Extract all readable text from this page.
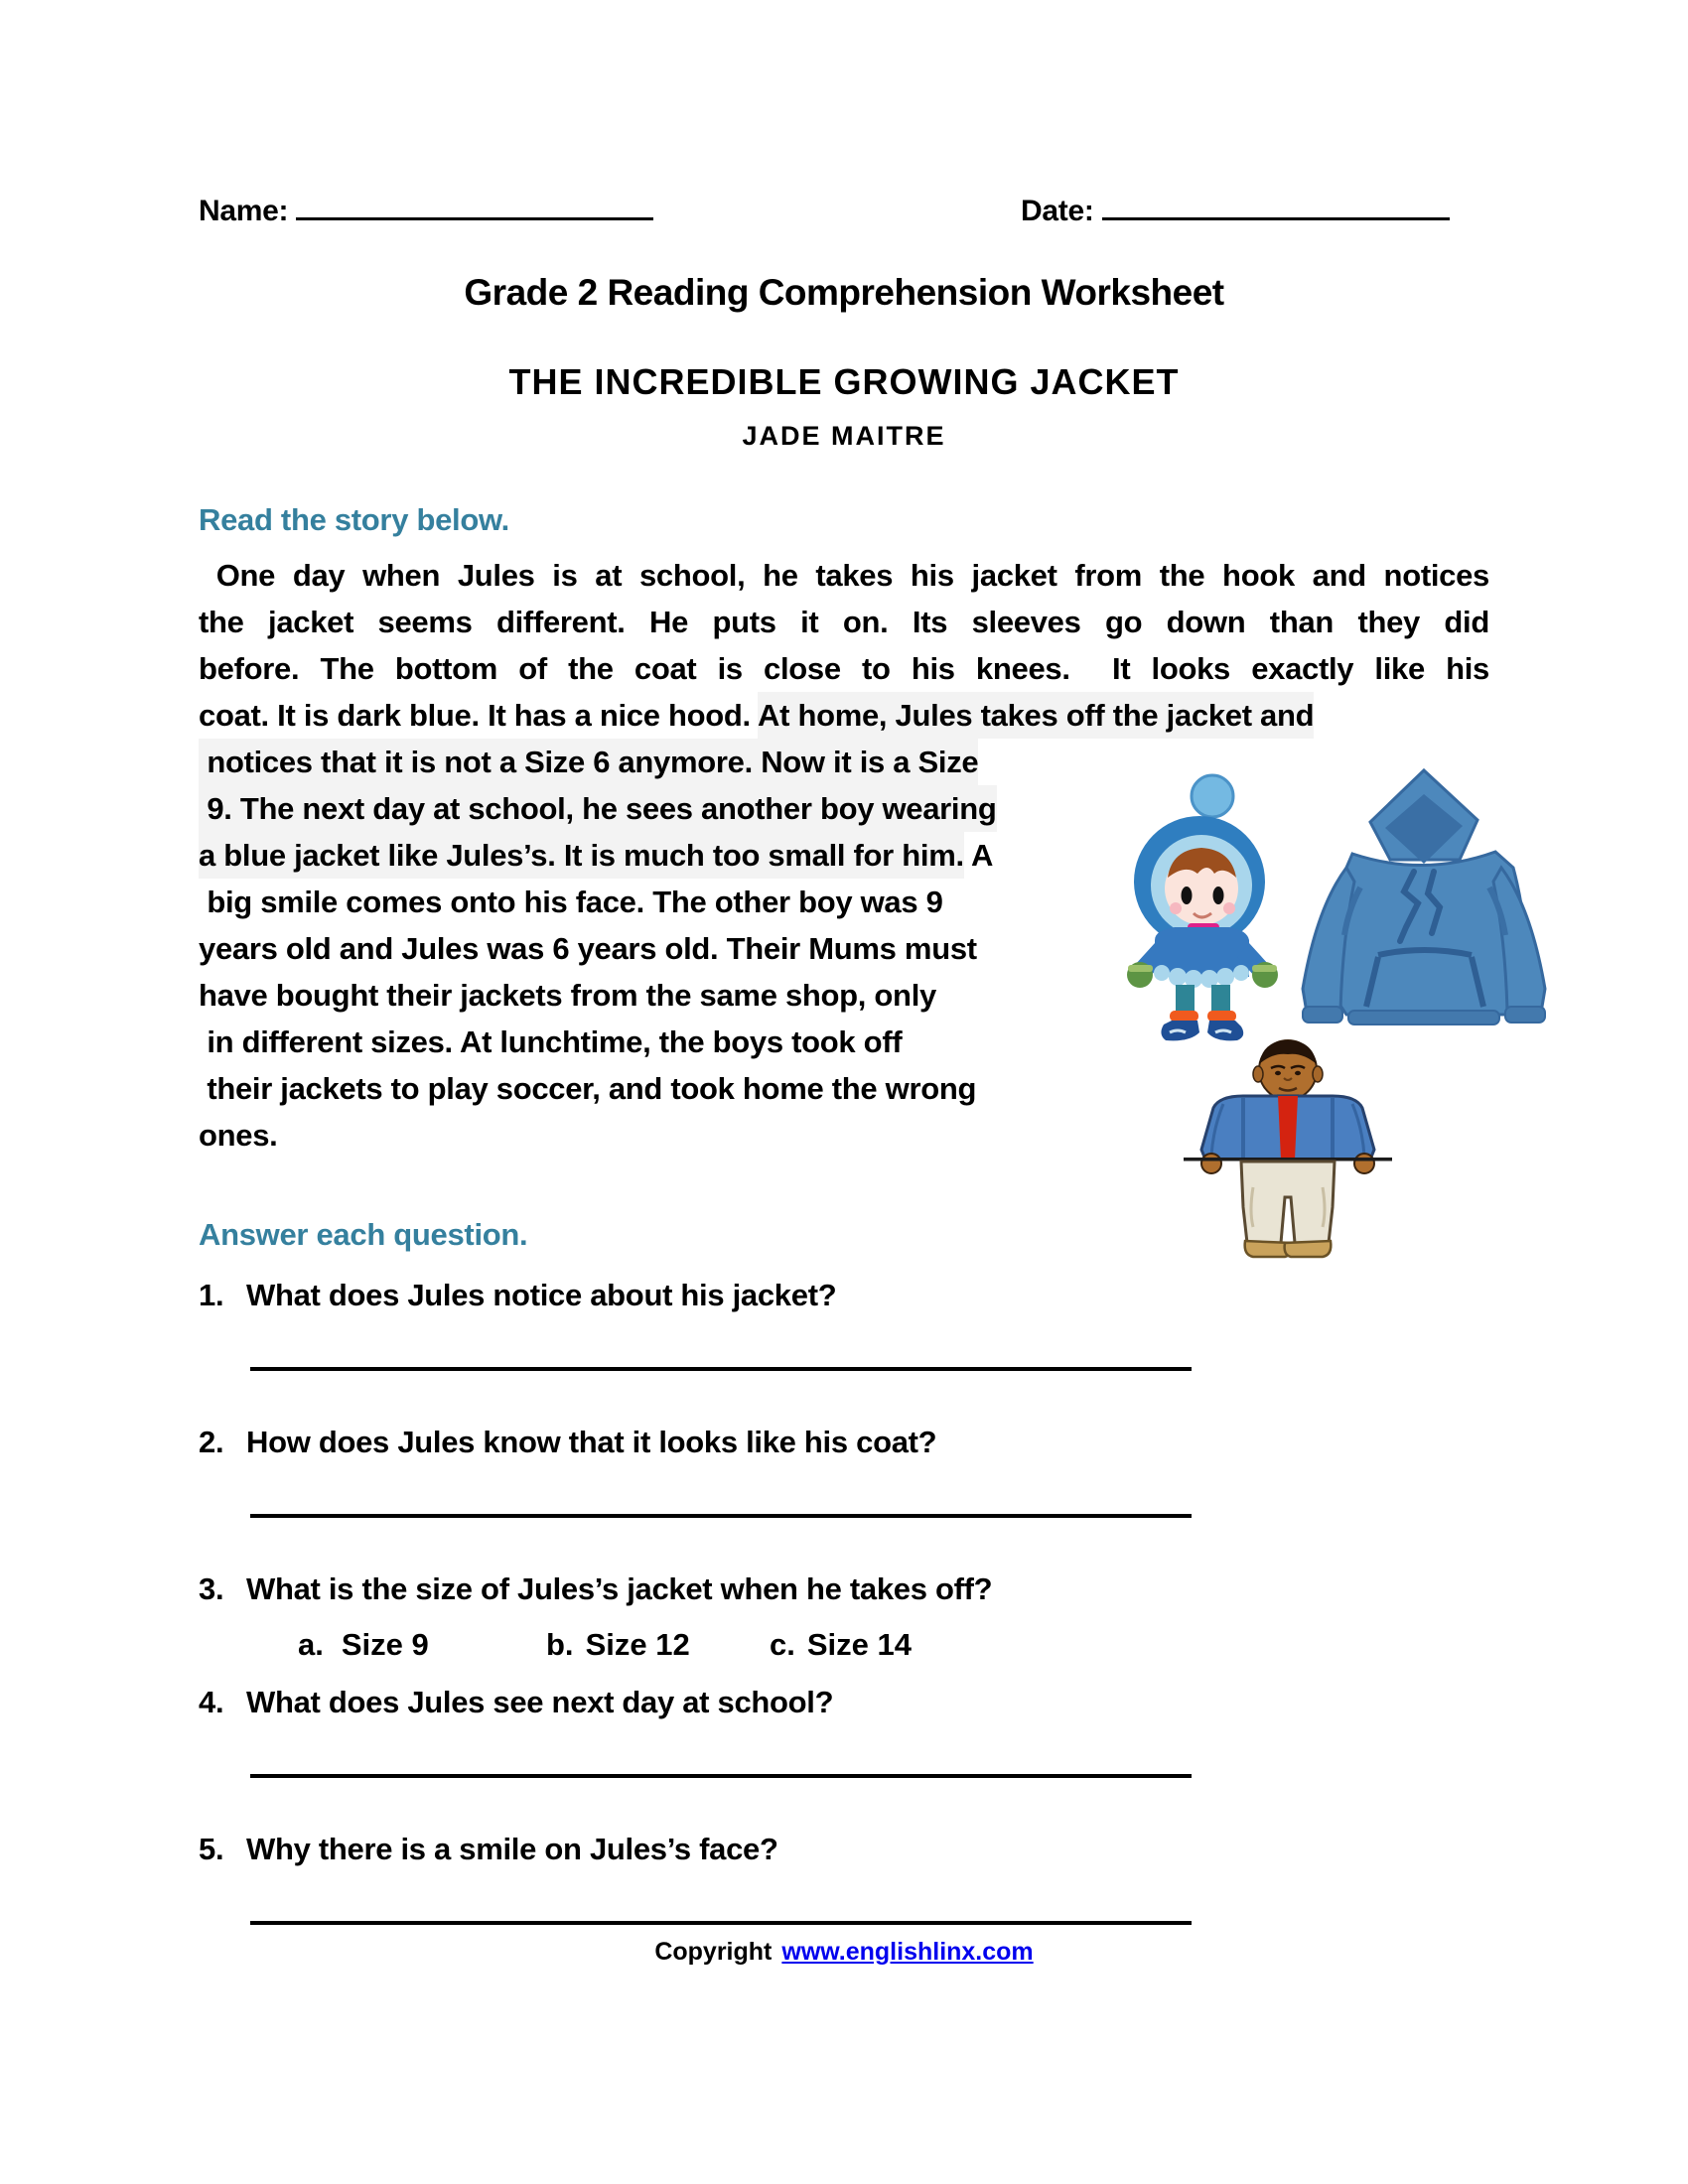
Name:	Date:
Grade 2 Reading Comprehension Worksheet
THE INCREDIBLE GROWING JACKET
JADE MAITRE
Read the story below.
One day when Jules is at school, he takes his jacket from the hook and notices
the jacket seems different. He puts it on. Its sleeves go down than they did
before. The bottom of the coat is close to his knees.  It looks exactly like his
coat. It is dark blue. It has a nice hood. At home, Jules takes off the jacket and
notices that it is not a Size 6 anymore. Now it is a Size
9. The next day at school, he sees another boy wearing
a blue jacket like Jules’s. It is much too small for him. A
big smile comes onto his face. The other boy was 9
years old and Jules was 6 years old. Their Mums must
have bought their jackets from the same shop, only
in different sizes. At lunchtime, the boys took off
their jackets to play soccer, and took home the wrong
ones.
Answer each question.
1. What does Jules notice about his jacket?
2. How does Jules know that it looks like his coat?
3. What is the size of Jules’s jacket when he takes off?
a. Size 9	b. Size 12	c. Size 14
4. What does Jules see next day at school?
5. Why there is a smile on Jules’s face?
Copyright www.englishlinx.com
